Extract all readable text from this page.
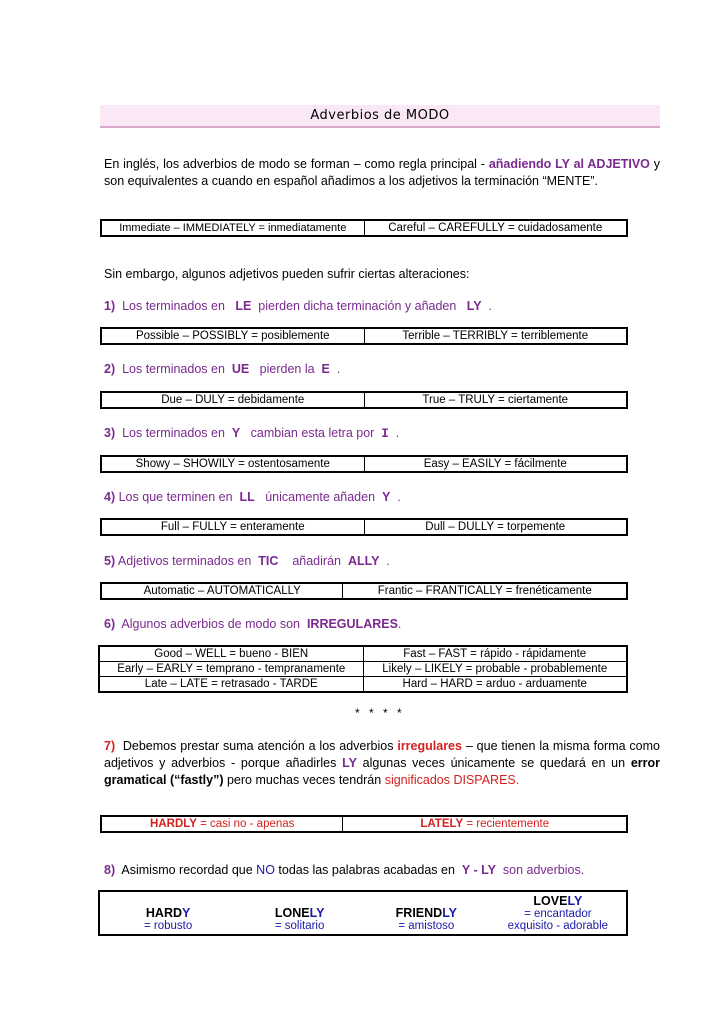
Adverbios de MODO
En inglés, los adverbios de modo se forman – como regla principal - añadiendo LY al ADJETIVO y son equivalentes a cuando en español añadimos a los adjetivos la terminación “MENTE”.
Immediate – IMMEDIATELY = inmediatamente	Careful – CAREFULLY = cuidadosamente
Sin embargo, algunos adjetivos pueden sufrir ciertas alteraciones:
1) Los terminados en LE pierden dicha terminación y añaden LY .
Possible – POSSIBLY = posiblemente	Terrible – TERRIBLY = terriblemente
2) Los terminados en UE pierden la E .
Due – DULY = debidamente	True – TRULY = ciertamente
3) Los terminados en Y cambian esta letra por I .
Showy – SHOWILY = ostentosamente	Easy – EASILY = fácilmente
4) Los que terminen en LL únicamente añaden Y .
Full – FULLY = enteramente	Dull – DULLY = torpemente
5) Adjetivos terminados en TIC añadirán ALLY .
Automatic – AUTOMATICALLY	Frantic – FRANTICALLY = frenéticamente
6) Algunos adverbios de modo son IRREGULARES.
Good – WELL = bueno - BIEN	Fast – FAST = rápido - rápidamente
Early – EARLY = temprano - tempranamente	Likely – LIKELY = probable - probablemente
Late – LATE = retrasado - TARDE	Hard – HARD = arduo - arduamente
* * * *
7) Debemos prestar suma atención a los adverbios irregulares – que tienen la misma forma como adjetivos y adverbios - porque añadirles LY algunas veces únicamente se quedará en un error gramatical (“fastly”) pero muchas veces tendrán significados DISPARES.
HARDLY = casi no - apenas	LATELY = recientemente
8) Asimismo recordad que NO todas las palabras acabadas en  Y - LY  son adverbios.
HARDY
= robusto

LONELY
= solitario

FRIENDLY
= amistoso

LOVELY
= encantador
exquisito - adorable
